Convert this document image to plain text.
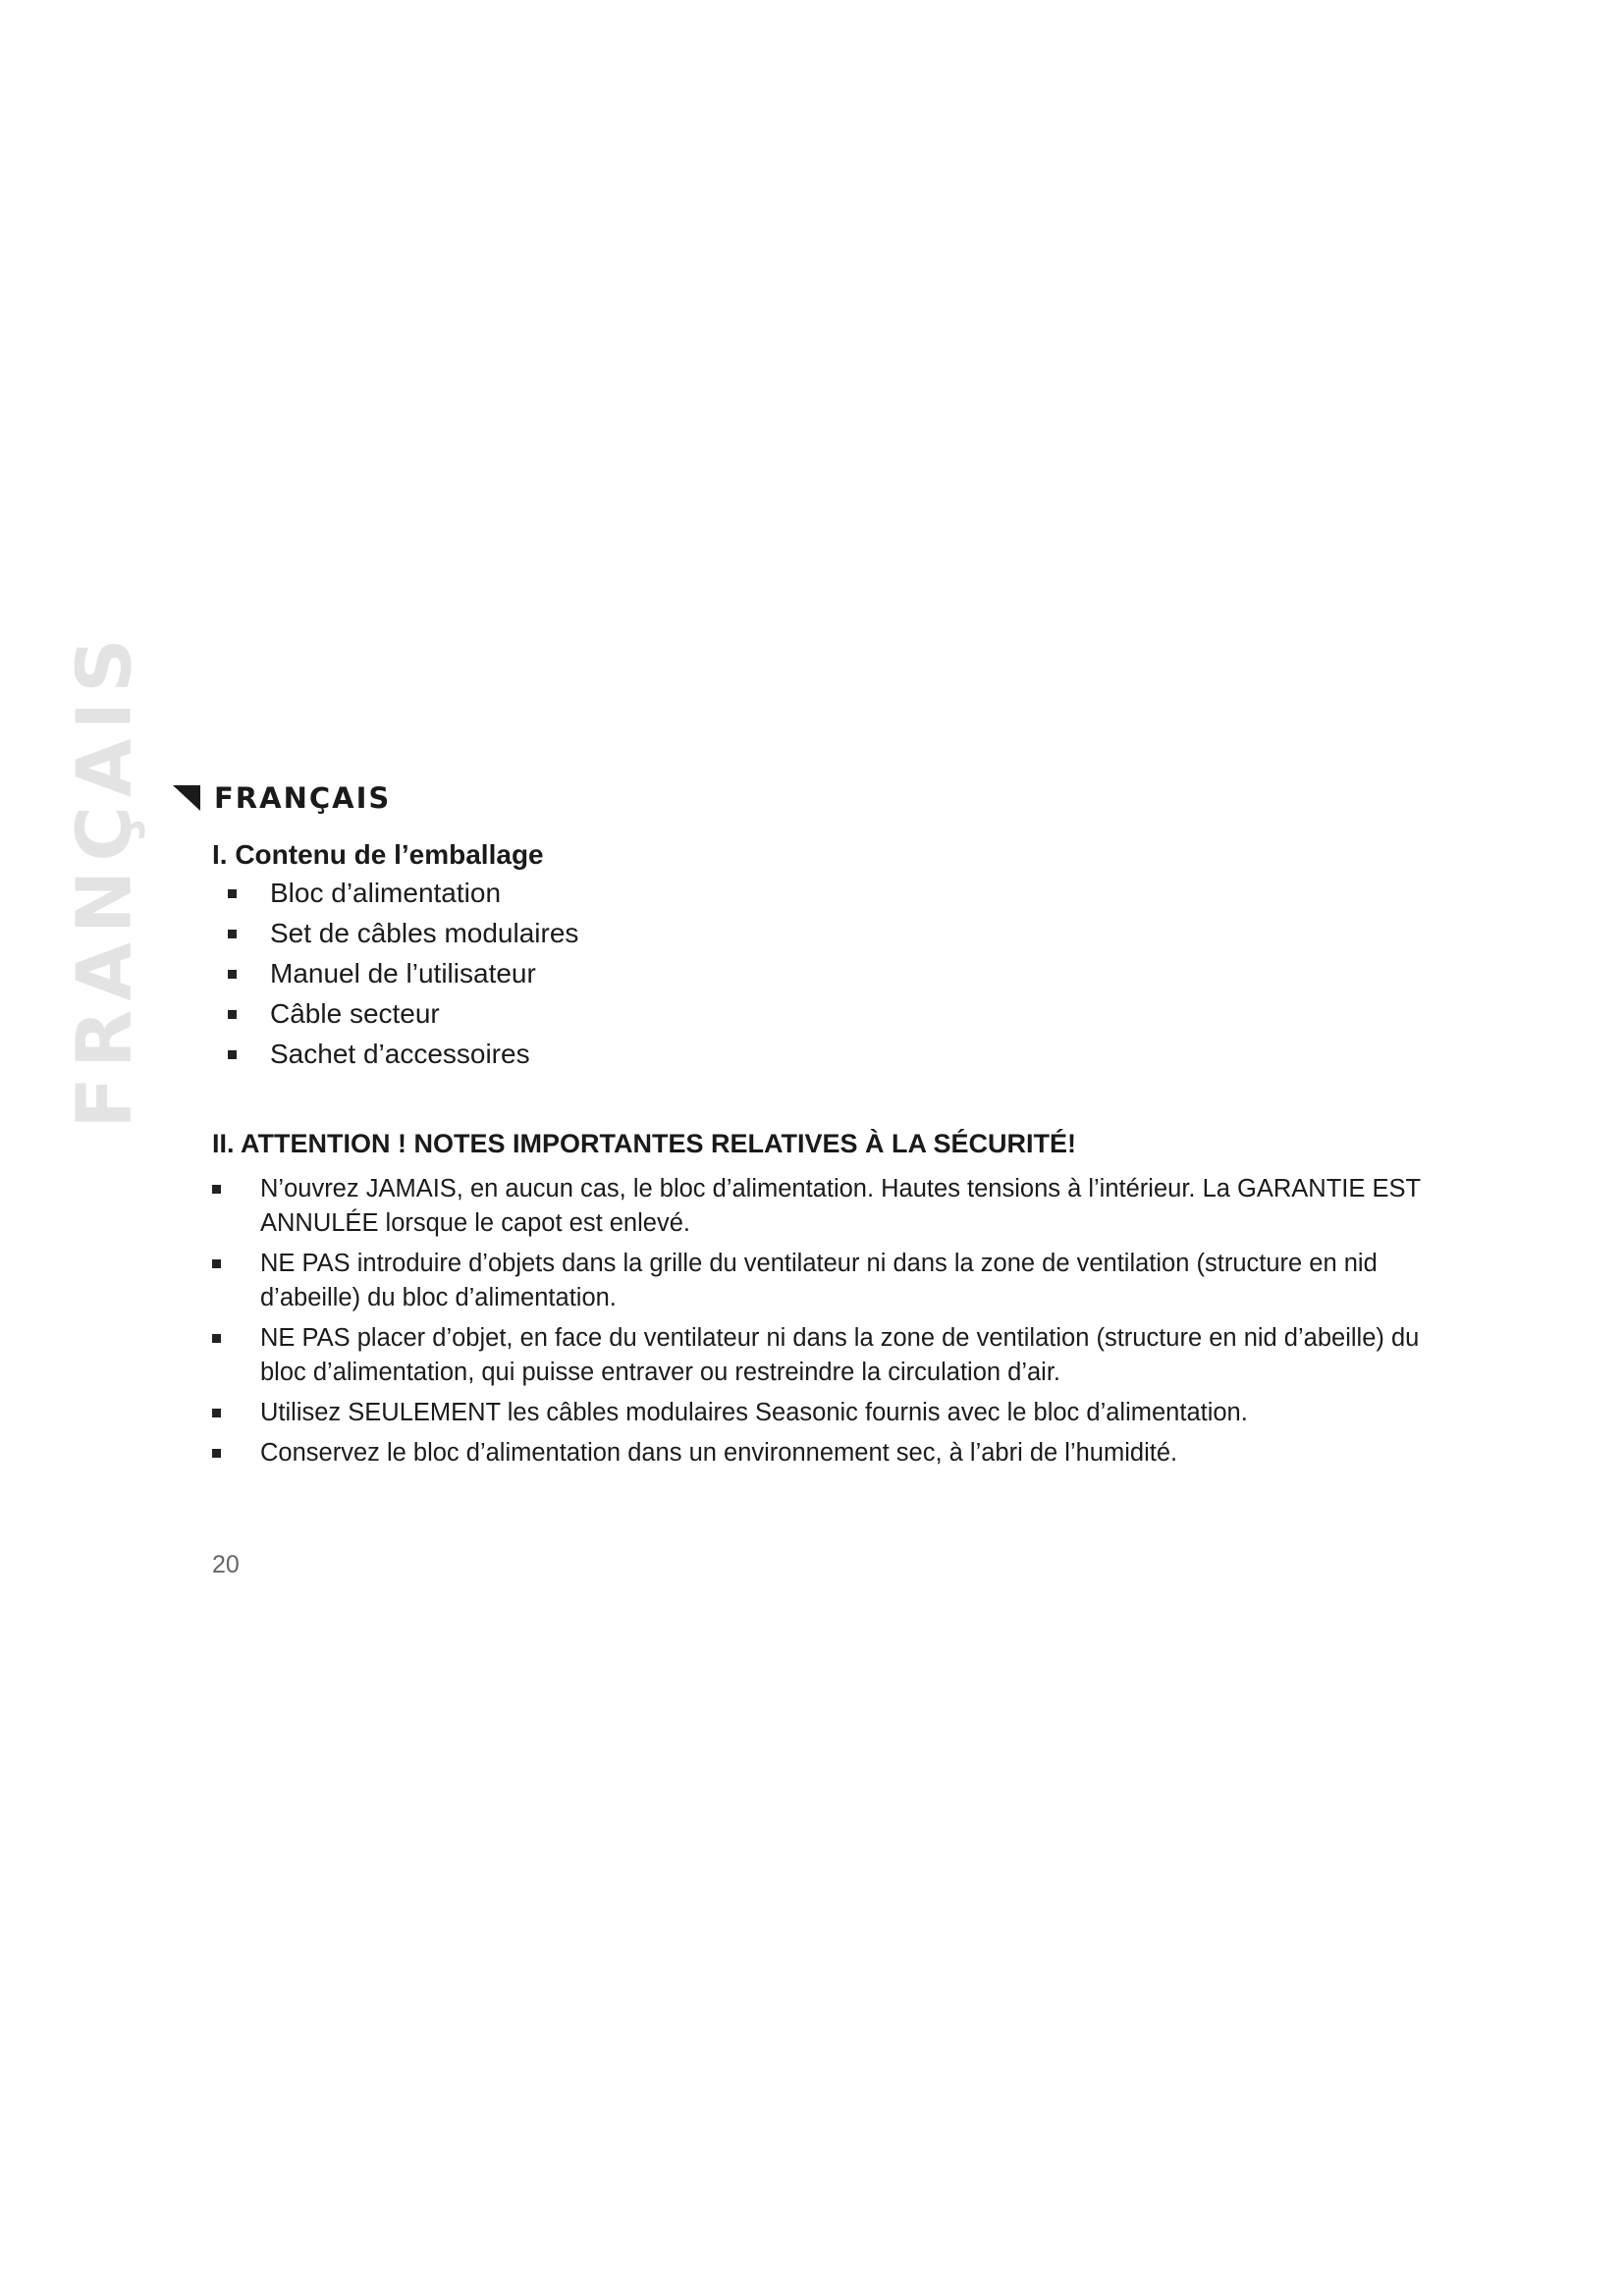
FRANÇAIS FRANÇAIS
I. Contenu de l’emballage
Bloc d’alimentation
Set de câbles modulaires
Manuel de l’utilisateur
Câble secteur
Sachet d’accessoires
II. ATTENTION ! NOTES IMPORTANTES RELATIVES À LA SÉCURITÉ!
N’ouvrez JAMAIS, en aucun cas, le bloc d’alimentation. Hautes tensions à l’intérieur. La GARANTIE EST ANNULÉE lorsque le capot est enlevé.
NE PAS introduire d’objets dans la grille du ventilateur ni dans la zone de ventilation (structure en nid d’abeille) du bloc d’alimentation.
NE PAS placer d’objet, en face du ventilateur ni dans la zone de ventilation (structure en nid d’abeille) du bloc d’alimentation, qui puisse entraver ou restreindre la circulation d’air.
Utilisez SEULEMENT les câbles modulaires Seasonic fournis avec le bloc d’alimentation.
Conservez le bloc d’alimentation dans un environnement sec, à l’abri de l’humidité.
20
